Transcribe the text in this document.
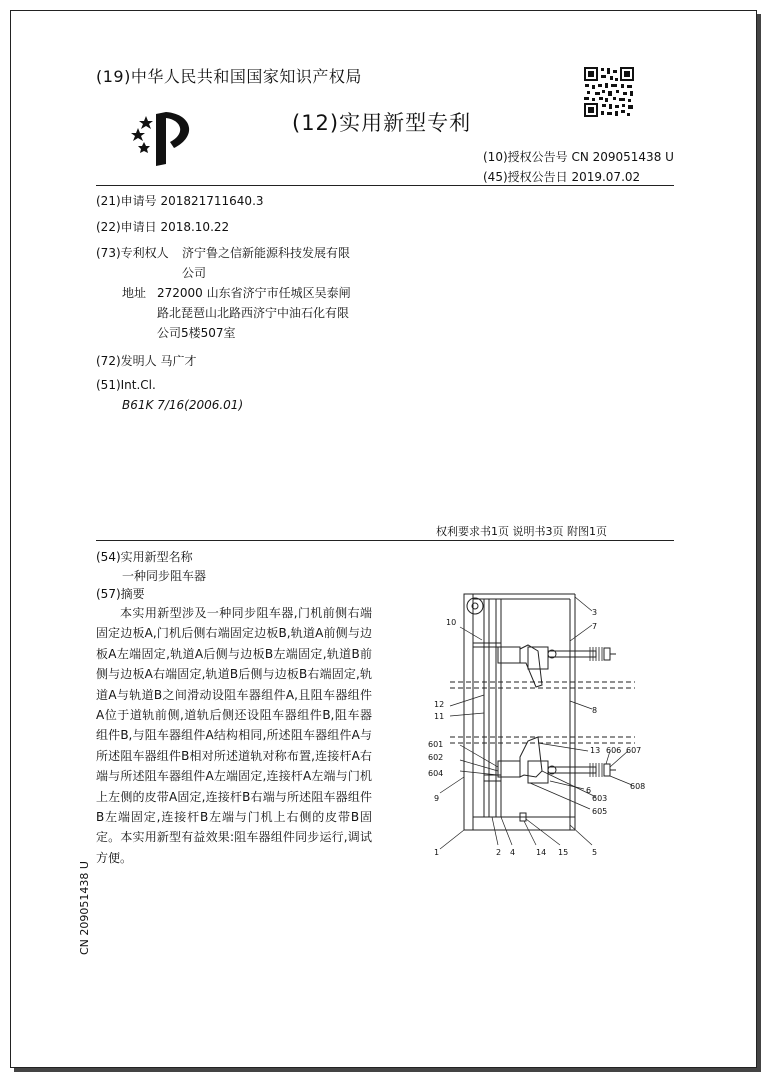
(19)中华人民共和国国家知识产权局
(12)实用新型专利
(10)授权公告号 CN 209051438 U
(45)授权公告日 2019.07.02
(21)申请号 201821711640.3
(22)申请日 2018.10.22
(73)专利权人 济宁鲁之信新能源科技发展有限
公司
地址 272000 山东省济宁市任城区吴泰闸
路北琵琶山北路西济宁中油石化有限
公司5楼507室
(72)发明人 马广才
(51)Int.Cl.
B61K 7/16(2006.01)
权利要求书1页 说明书3页 附图1页
(54)实用新型名称
一种同步阻车器
(57)摘要
本实用新型涉及一种同步阻车器,门机前侧右端固定边板A,门机后侧右端固定边板B,轨道A前侧与边板A左端固定,轨道A后侧与边板B左端固定,轨道B前侧与边板A右端固定,轨道B后侧与边板B右端固定,轨道A与轨道B之间滑动设阻车器组件A,且阻车器组件A位于道轨前侧,道轨后侧还设阻车器组件B,阻车器组件B,与阻车器组件A结构相同,所述阻车器组件A与所述阻车器组件B相对所述道轨对称布置,连接杆A右端与所述阻车器组件A左端固定,连接杆A左端与门机上左侧的皮带A固定,连接杆B右端与所述阻车器组件B左端固定,连接杆B左端与门机上右侧的皮带B固定。本实用新型有益效果:阻车器组件同步运行,调试方便。
CN 209051438 U
3
7
10
8
12
11
601
602
604
13 606 607
608
6
603
605
9
1	2 4	14 15	5
